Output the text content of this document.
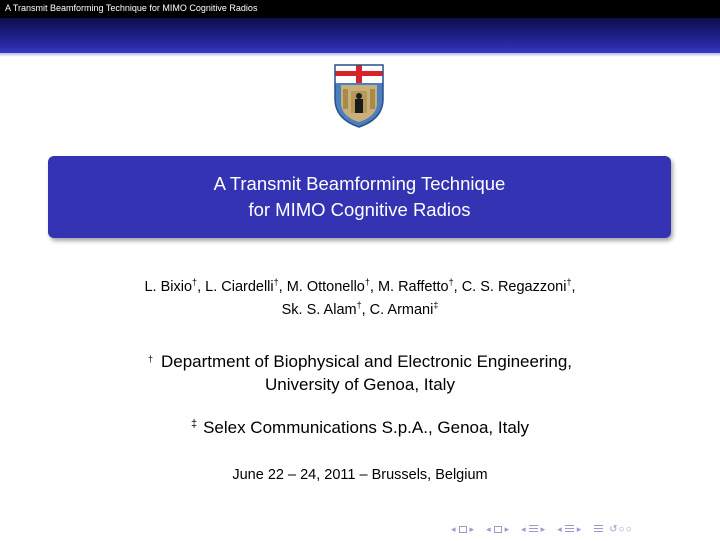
A Transmit Beamforming Technique for MIMO Cognitive Radios
A Transmit Beamforming Technique
for MIMO Cognitive Radios
L. Bixio†, L. Ciardelli†, M. Ottonello†, M. Raffetto†, C. S. Regazzoni†,
Sk. S. Alam†, C. Armani‡
† Department of Biophysical and Electronic Engineering,
University of Genoa, Italy
‡ Selex Communications S.p.A., Genoa, Italy
June 22 – 24, 2011 – Brussels, Belgium
◂ ▸ ◂ ▸ ◂ ▸ ◂ ▸	↺○○
